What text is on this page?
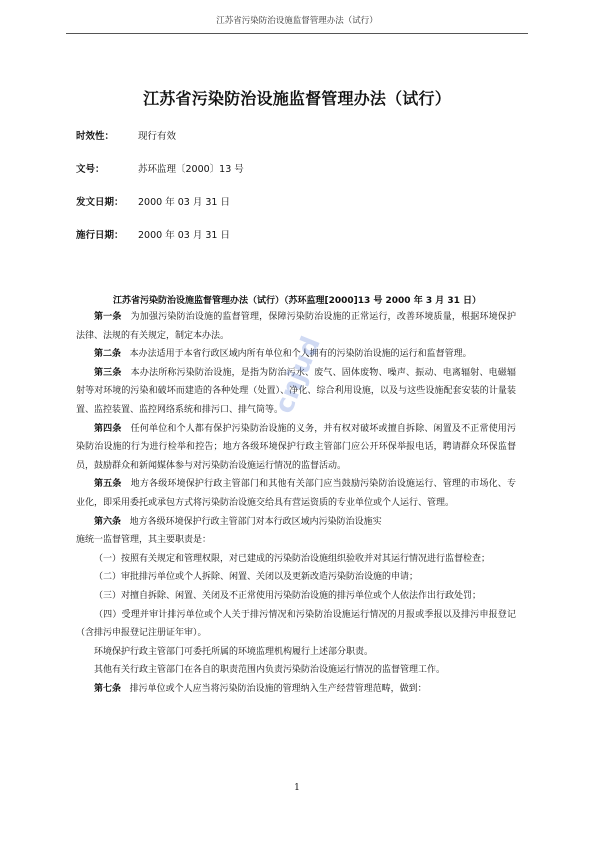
江苏省污染防治设施监督管理办法（试行）
江苏省污染防治设施监督管理办法（试行）
时效性：	现行有效
文号：	苏环监理〔2000〕13 号
发文日期： 2000 年 03 月 31 日
施行日期： 2000 年 03 月 31 日
江苏省污染防治设施监督管理办法（试行）（苏环监理[2000]13 号 2000 年 3 月 31 日）

第一条 为加强污染防治设施的监督管理，保障污染防治设施的正常运行，改善环境质量，根据环境保护法律、法规的有关规定，制定本办法。

第二条 本办法适用于本省行政区域内所有单位和个人拥有的污染防治设施的运行和监督管理。

第三条 本办法所称污染防治设施，是指为防治污水、废气、固体废物、噪声、振动、电离辐射、电磁辐射等对环境的污染和破坏而建造的各种处理（处置）、净化、综合利用设施，以及与这些设施配套安装的计量装置、监控装置、监控网络系统和排污口、排气筒等。

第四条 任何单位和个人都有保护污染防治设施的义务，并有权对破坏或擅自拆除、闲置及不正常使用污染防治设施的行为进行检举和控告；地方各级环境保护行政主管部门应公开环保举报电话，聘请群众环保监督员，鼓励群众和新闻媒体参与对污染防治设施运行情况的监督活动。

第五条 地方各级环境保护行政主管部门和其他有关部门应当鼓励污染防治设施运行、管理的市场化、专业化，即采用委托或承包方式将污染防治设施交给具有营运资质的专业单位或个人运行、管理。

第六条 地方各级环境保护行政主管部门对本行政区域内污染防治设施实

施统一监督管理，其主要职责是：

（一）按照有关规定和管理权限，对已建成的污染防治设施组织验收并对其运行情况进行监督检查；

（二）审批排污单位或个人拆除、闲置、关闭以及更新改造污染防治设施的申请；

（三）对擅自拆除、闲置、关闭及不正常使用污染防治设施的排污单位或个人依法作出行政处罚；

（四）受理并审计排污单位或个人关于排污情况和污染防治设施运行情况的月报或季报以及排污申报登记（含排污申报登记注册证年审）。

环境保护行政主管部门可委托所属的环境监理机构履行上述部分职责。

其他有关行政主管部门在各自的职责范围内负责污染防治设施运行情况的监督管理工作。

第七条 排污单位或个人应当将污染防治设施的管理纳入生产经营管理范畴，做到：

cnjud
1
